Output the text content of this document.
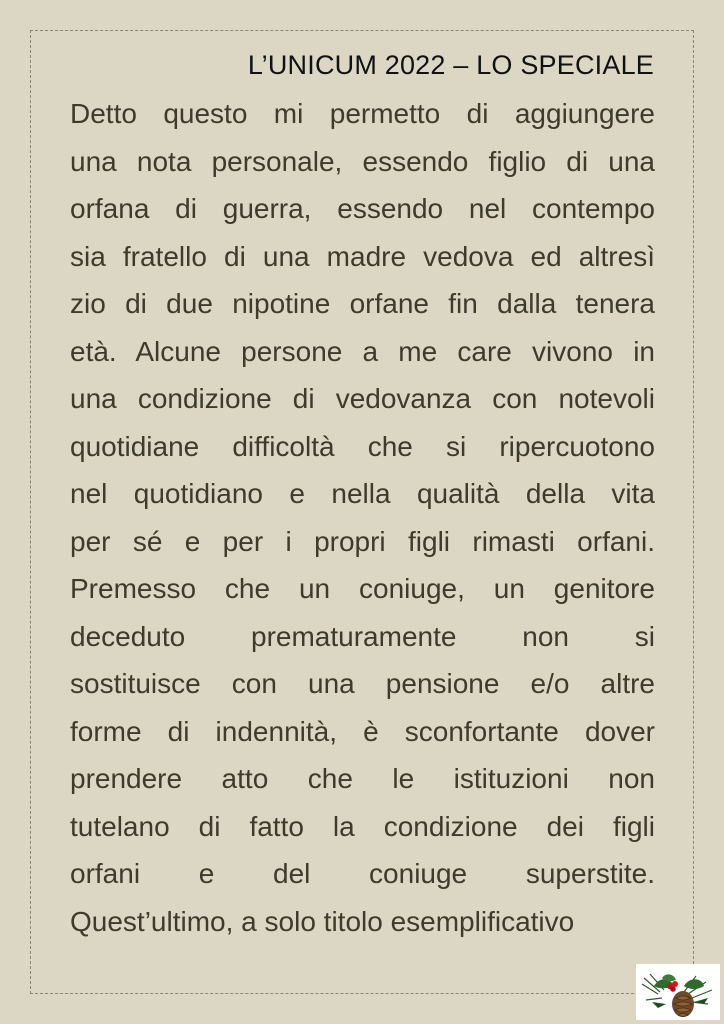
L’UNICUM 2022 – LO SPECIALE
Detto questo mi permetto di aggiungere
una nota personale, essendo figlio di una
orfana di guerra, essendo nel contempo
sia fratello di una madre vedova ed altresì
zio di due nipotine orfane fin dalla tenera
età. Alcune persone a me care vivono in
una condizione di vedovanza con notevoli
quotidiane difficoltà che si ripercuotono
nel quotidiano e nella qualità della vita
per sé e per i propri figli rimasti orfani.
Premesso che un coniuge, un genitore
deceduto prematuramente non si
sostituisce con una pensione e/o altre
forme di indennità, è sconfortante dover
prendere atto che le istituzioni non
tutelano di fatto la condizione dei figli
orfani e del coniuge superstite.
Quest’ultimo, a solo titolo esemplificativo
